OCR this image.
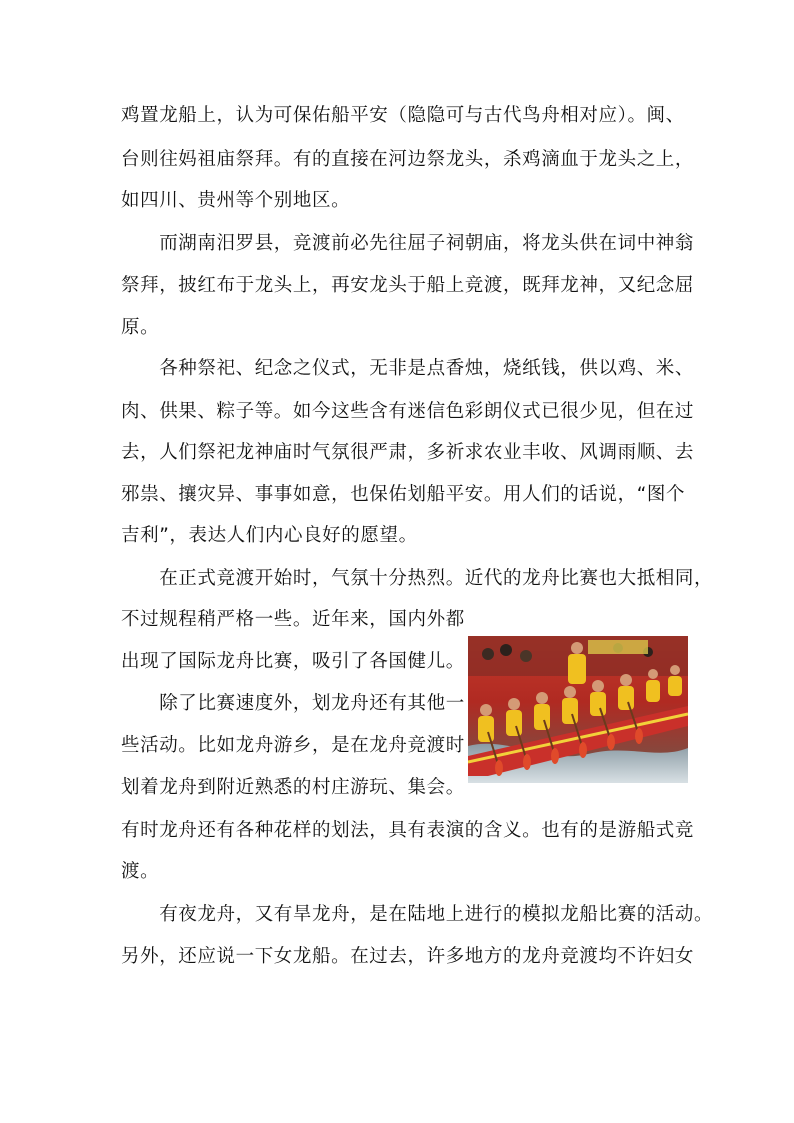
鸡置龙船上，认为可保佑船平安（隐隐可与古代鸟舟相对应）。闽、
台则往妈祖庙祭拜。有的直接在河边祭龙头，杀鸡滴血于龙头之上，
如四川、贵州等个别地区。
　　而湖南汨罗县，竞渡前必先往屈子祠朝庙，将龙头供在词中神翁
祭拜，披红布于龙头上，再安龙头于船上竞渡，既拜龙神，又纪念屈
原。
　　各种祭祀、纪念之仪式，无非是点香烛，烧纸钱，供以鸡、米、
肉、供果、粽子等。如今这些含有迷信色彩朗仪式已很少见，但在过
去，人们祭祀龙神庙时气氛很严肃，多祈求农业丰收、风调雨顺、去
邪祟、攘灾异、事事如意，也保佑划船平安。用人们的话说，“图个
吉利”，表达人们内心良好的愿望。
　　在正式竞渡开始时，气氛十分热烈。近代的龙舟比赛也大抵相同，
不过规程稍严格一些。近年来，国内外都
出现了国际龙舟比赛，吸引了各国健儿。
　　除了比赛速度外，划龙舟还有其他一
些活动。比如龙舟游乡，是在龙舟竞渡时
划着龙舟到附近熟悉的村庄游玩、集会。
有时龙舟还有各种花样的划法，具有表演的含义。也有的是游船式竞
渡。
　　有夜龙舟，又有旱龙舟，是在陆地上进行的模拟龙船比赛的活动。
另外，还应说一下女龙船。在过去，许多地方的龙舟竞渡均不许妇女
